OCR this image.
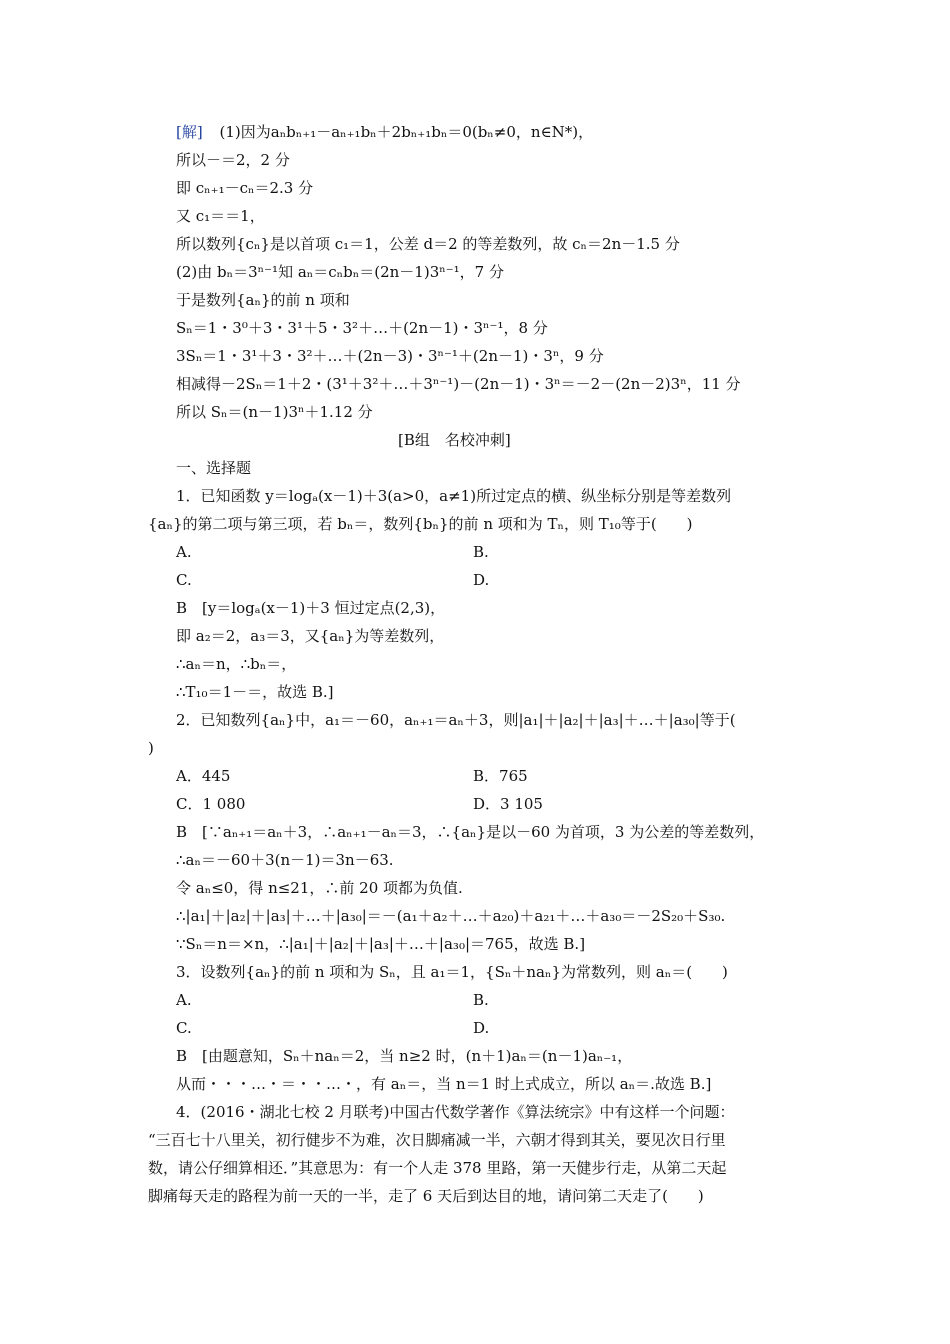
[解] (1)因为aₙbₙ₊₁－aₙ₊₁bₙ＋2bₙ₊₁bₙ＝0(bₙ≠0，n∈N*)，
所以－＝2，2 分
即 cₙ₊₁－cₙ＝2.3 分
又 c₁＝＝1，
所以数列{cₙ}是以首项 c₁＝1，公差 d＝2 的等差数列，故 cₙ＝2n－1.5 分
(2)由 bₙ＝3ⁿ⁻¹知 aₙ＝cₙbₙ＝(2n－1)3ⁿ⁻¹，7 分
于是数列{aₙ}的前 n 项和
Sₙ＝1・3⁰＋3・3¹＋5・3²＋…＋(2n－1)・3ⁿ⁻¹，8 分
3Sₙ＝1・3¹＋3・3²＋…＋(2n－3)・3ⁿ⁻¹＋(2n－1)・3ⁿ，9 分
相减得－2Sₙ＝1＋2・(3¹＋3²＋…＋3ⁿ⁻¹)－(2n－1)・3ⁿ＝－2－(2n－2)3ⁿ，11 分
所以 Sₙ＝(n－1)3ⁿ＋1.12 分
[B组　名校冲刺]
一、选择题
1．已知函数 y＝logₐ(x－1)＋3(a>0，a≠1)所过定点的横、纵坐标分别是等差数列
{aₙ}的第二项与第三项，若 bₙ＝，数列{bₙ}的前 n 项和为 Tₙ，则 T₁₀等于(　　)
A.	B.
C.	D.
B　[y＝logₐ(x－1)＋3 恒过定点(2,3)，
即 a₂＝2，a₃＝3，又{aₙ}为等差数列，
∴aₙ＝n，∴bₙ＝，
∴T₁₀＝1－＝，故选 B.]
2．已知数列{aₙ}中，a₁＝－60，aₙ₊₁＝aₙ＋3，则|a₁|＋|a₂|＋|a₃|＋…＋|a₃₀|等于(
)
A．445	B．765
C．1 080	D．3 105
B　[∵aₙ₊₁＝aₙ＋3，∴aₙ₊₁－aₙ＝3，∴{aₙ}是以－60 为首项，3 为公差的等差数列，
∴aₙ＝－60＋3(n－1)＝3n－63.
令 aₙ≤0，得 n≤21，∴前 20 项都为负值.
∴|a₁|＋|a₂|＋|a₃|＋…＋|a₃₀|＝－(a₁＋a₂＋…＋a₂₀)＋a₂₁＋…＋a₃₀＝－2S₂₀＋S₃₀.
∵Sₙ＝n＝×n，∴|a₁|＋|a₂|＋|a₃|＋…＋|a₃₀|＝765，故选 B.]
3．设数列{aₙ}的前 n 项和为 Sₙ，且 a₁＝1，{Sₙ＋naₙ}为常数列，则 aₙ＝(　　)
A.	B.
C.	D.
B　[由题意知，Sₙ＋naₙ＝2，当 n≥2 时，(n＋1)aₙ＝(n－1)aₙ₋₁，
从而・・・…・＝・・…・，有 aₙ＝，当 n＝1 时上式成立，所以 aₙ＝.故选 B.]
4．(2016・湖北七校 2 月联考)中国古代数学著作《算法统宗》中有这样一个问题：
“三百七十八里关，初行健步不为难，次日脚痛减一半，六朝才得到其关，要见次日行里
数，请公仔细算相还．”其意思为：有一个人走 378 里路，第一天健步行走，从第二天起
脚痛每天走的路程为前一天的一半，走了 6 天后到达目的地，请问第二天走了(　　)
